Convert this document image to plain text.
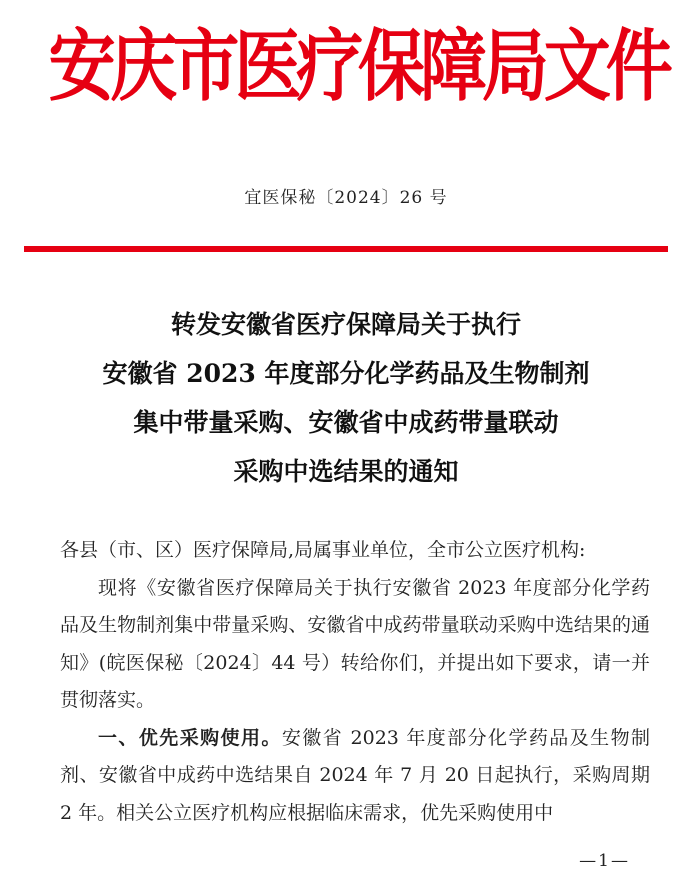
安庆市医疗保障局文件
宜医保秘〔2024〕26 号
转发安徽省医疗保障局关于执行
安徽省 2023 年度部分化学药品及生物制剂
集中带量采购、安徽省中成药带量联动
采购中选结果的通知

各县（市、区）医疗保障局,局属事业单位，全市公立医疗机构:

现将《安徽省医疗保障局关于执行安徽省 2023 年度部分化学药品及生物制剂集中带量采购、安徽省中成药带量联动采购中选结果的通知》(皖医保秘〔2024〕44 号）转给你们，并提出如下要求，请一并贯彻落实。

一、优先采购使用。安徽省 2023 年度部分化学药品及生物制剂、安徽省中成药中选结果自 2024 年 7 月 20 日起执行，采购周期 2 年。相关公立医疗机构应根据临床需求，优先采购使用中

—1—
